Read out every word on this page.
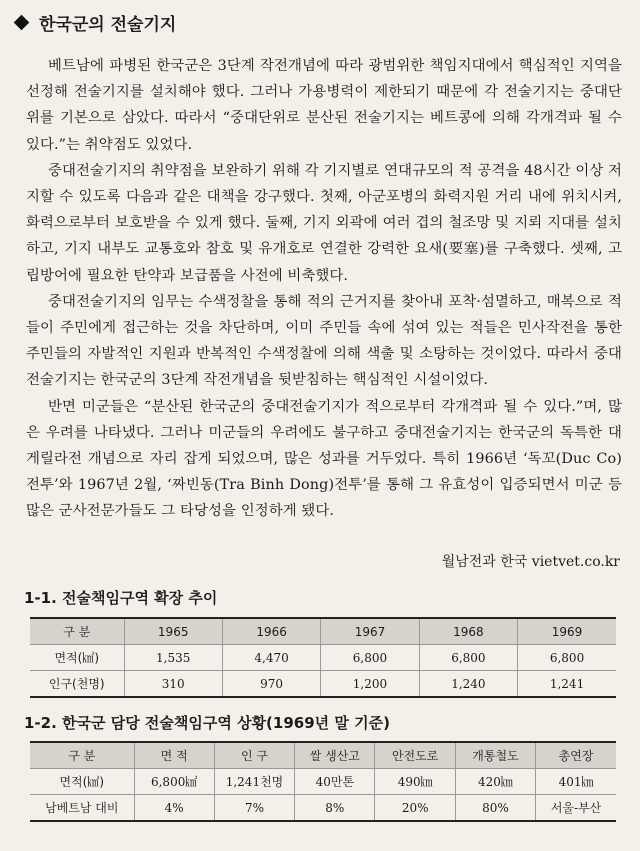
한국군의 전술기지

베트남에 파병된 한국군은 3단계 작전개념에 따라 광범위한 책임지대에서 핵심적인 지역을 선정해 전술기지를 설치해야 했다. 그러나 가용병력이 제한되기 때문에 각 전술기지는 중대단위를 기본으로 삼았다. 따라서 “중대단위로 분산된 전술기지는 베트콩에 의해 각개격파 될 수 있다.”는 취약점도 있었다.

중대전술기지의 취약점을 보완하기 위해 각 기지별로 연대규모의 적 공격을 48시간 이상 저지할 수 있도록 다음과 같은 대책을 강구했다. 첫째, 아군포병의 화력지원 거리 내에 위치시켜, 화력으로부터 보호받을 수 있게 했다. 둘째, 기지 외곽에 여러 겹의 철조망 및 지뢰 지대를 설치하고, 기지 내부도 교통호와 참호 및 유개호로 연결한 강력한 요새(要塞)를 구축했다. 셋째, 고립방어에 필요한 탄약과 보급품을 사전에 비축했다.

중대전술기지의 임무는 수색정찰을 통해 적의 근거지를 찾아내 포착·섬멸하고, 매복으로 적들이 주민에게 접근하는 것을 차단하며, 이미 주민들 속에 섞여 있는 적들은 민사작전을 통한 주민들의 자발적인 지원과 반복적인 수색정찰에 의해 색출 및 소탕하는 것이었다. 따라서 중대전술기지는 한국군의 3단계 작전개념을 뒷받침하는 핵심적인 시설이었다.

반면 미군들은 “분산된 한국군의 중대전술기지가 적으로부터 각개격파 될 수 있다.”며, 많은 우려를 나타냈다. 그러나 미군들의 우려에도 불구하고 중대전술기지는 한국군의 독특한 대게릴라전 개념으로 자리 잡게 되었으며, 많은 성과를 거두었다. 특히 1966년 ‘독꼬(Duc Co)전투’와 1967년 2월, ‘짜빈동(Tra Binh Dong)전투’를 통해 그 유효성이 입증되면서 미군 등 많은 군사전문가들도 그 타당성을 인정하게 됐다.

월남전과 한국 vietvet.co.kr
1-1. 전술책임구역 확장 추이
구 분	1965	1966	1967	1968	1969
면적(㎢)	1,535	4,470	6,800	6,800	6,800
인구(천명)	310	970	1,200	1,240	1,241
1-2. 한국군 담당 전술책임구역 상황(1969년 말 기준)
구 분	면 적	인 구	쌀 생산고	안전도로	개통철도	총연장
면적(㎢)	6,800㎢	1,241천명	40만톤	490㎞	420㎞	401㎞
남베트남 대비	4%	7%	8%	20%	80%	서울-부산
